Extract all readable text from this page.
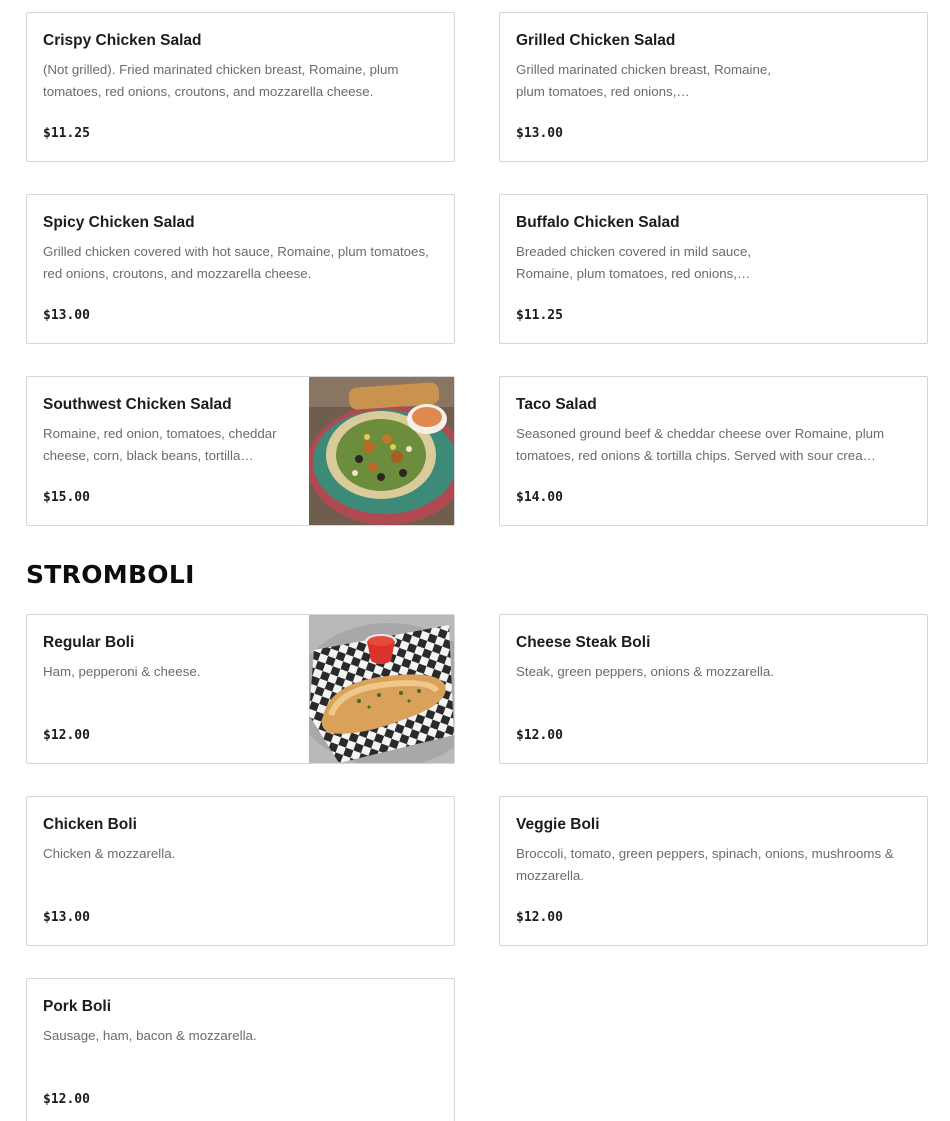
Crispy Chicken Salad
(Not grilled). Fried marinated chicken breast, Romaine, plum tomatoes, red onions, croutons, and mozzarella cheese.
$11.25
Grilled Chicken Salad
Grilled marinated chicken breast, Romaine, plum tomatoes, red onions,…
$13.00
Spicy Chicken Salad
Grilled chicken covered with hot sauce, Romaine, plum tomatoes, red onions, croutons, and mozzarella cheese.
$13.00
Buffalo Chicken Salad
Breaded chicken covered in mild sauce, Romaine, plum tomatoes, red onions,…
$11.25
Southwest Chicken Salad
Romaine, red onion, tomatoes, cheddar cheese, corn, black beans, tortilla…
$15.00
Taco Salad
Seasoned ground beef & cheddar cheese over Romaine, plum tomatoes, red onions & tortilla chips. Served with sour crea…
$14.00
STROMBOLI
Regular Boli
Ham, pepperoni & cheese.
$12.00
Cheese Steak Boli
Steak, green peppers, onions & mozzarella.
$12.00
Chicken Boli
Chicken & mozzarella.
$13.00
Veggie Boli
Broccoli, tomato, green peppers, spinach, onions, mushrooms & mozzarella.
$12.00
Pork Boli
Sausage, ham, bacon & mozzarella.
$12.00
